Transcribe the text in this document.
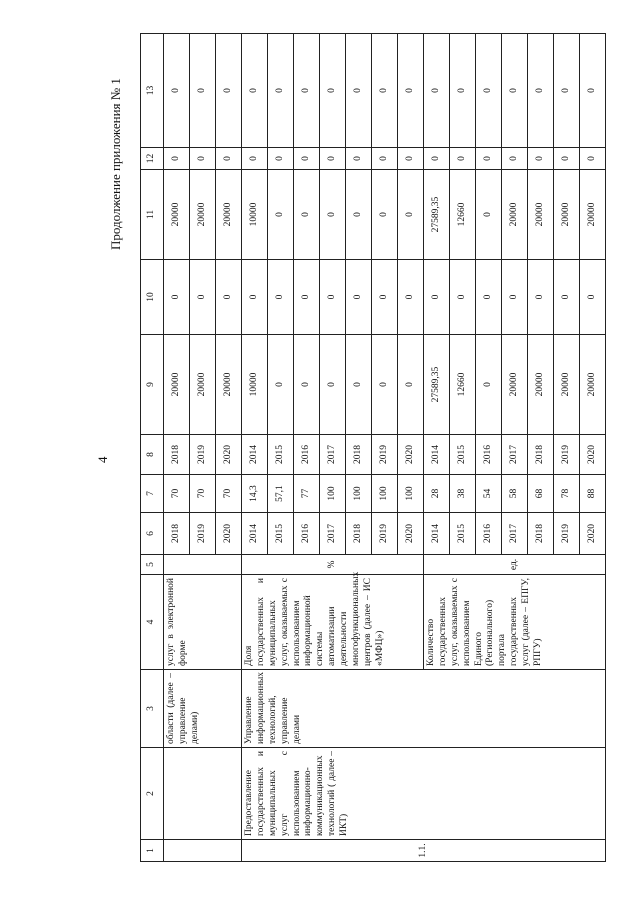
4
Продолжение приложения № 1
1	2	3	4	5	6	7	8	9	10	11	12	13
		области (далее – управление делами)	услуг в электронной форме		2018	70	2018	20000	0	20000	0	0
					2019	70	2019	20000	0	20000	0	0
					2020	70	2020	20000	0	20000	0	0
1.1.	Предоставление государственных и муниципальных услуг с использованием информационно-коммуникационных технологий ( далее – ИКТ)	Управление информационных технологий, управление делами	Доля государственных и муниципальных услуг, оказываемых с использованием информационной системы автоматизации деятельности многофункциональных центров (далее – ИС «МФЦ»)	%	2014	14,3	2014	10000	0	10000	0	0
					2015	57,1	2015	0	0	0	0	0
					2016	77	2016	0	0	0	0	0
					2017	100	2017	0	0	0	0	0
					2018	100	2018	0	0	0	0	0
					2019	100	2019	0	0	0	0	0
					2020	100	2020	0	0	0	0	0
			Количество государственных услуг, оказываемых с использованием Единого (Регионального) портала государственных услуг (далее – ЕПГУ, РПГУ)	ед.	2014	28	2014	27589,35	0	27589,35	0	0
					2015	38	2015	12660	0	12660	0	0
					2016	54	2016	0	0	0	0	0
					2017	58	2017	20000	0	20000	0	0
					2018	68	2018	20000	0	20000	0	0
					2019	78	2019	20000	0	20000	0	0
					2020	88	2020	20000	0	20000	0	0
